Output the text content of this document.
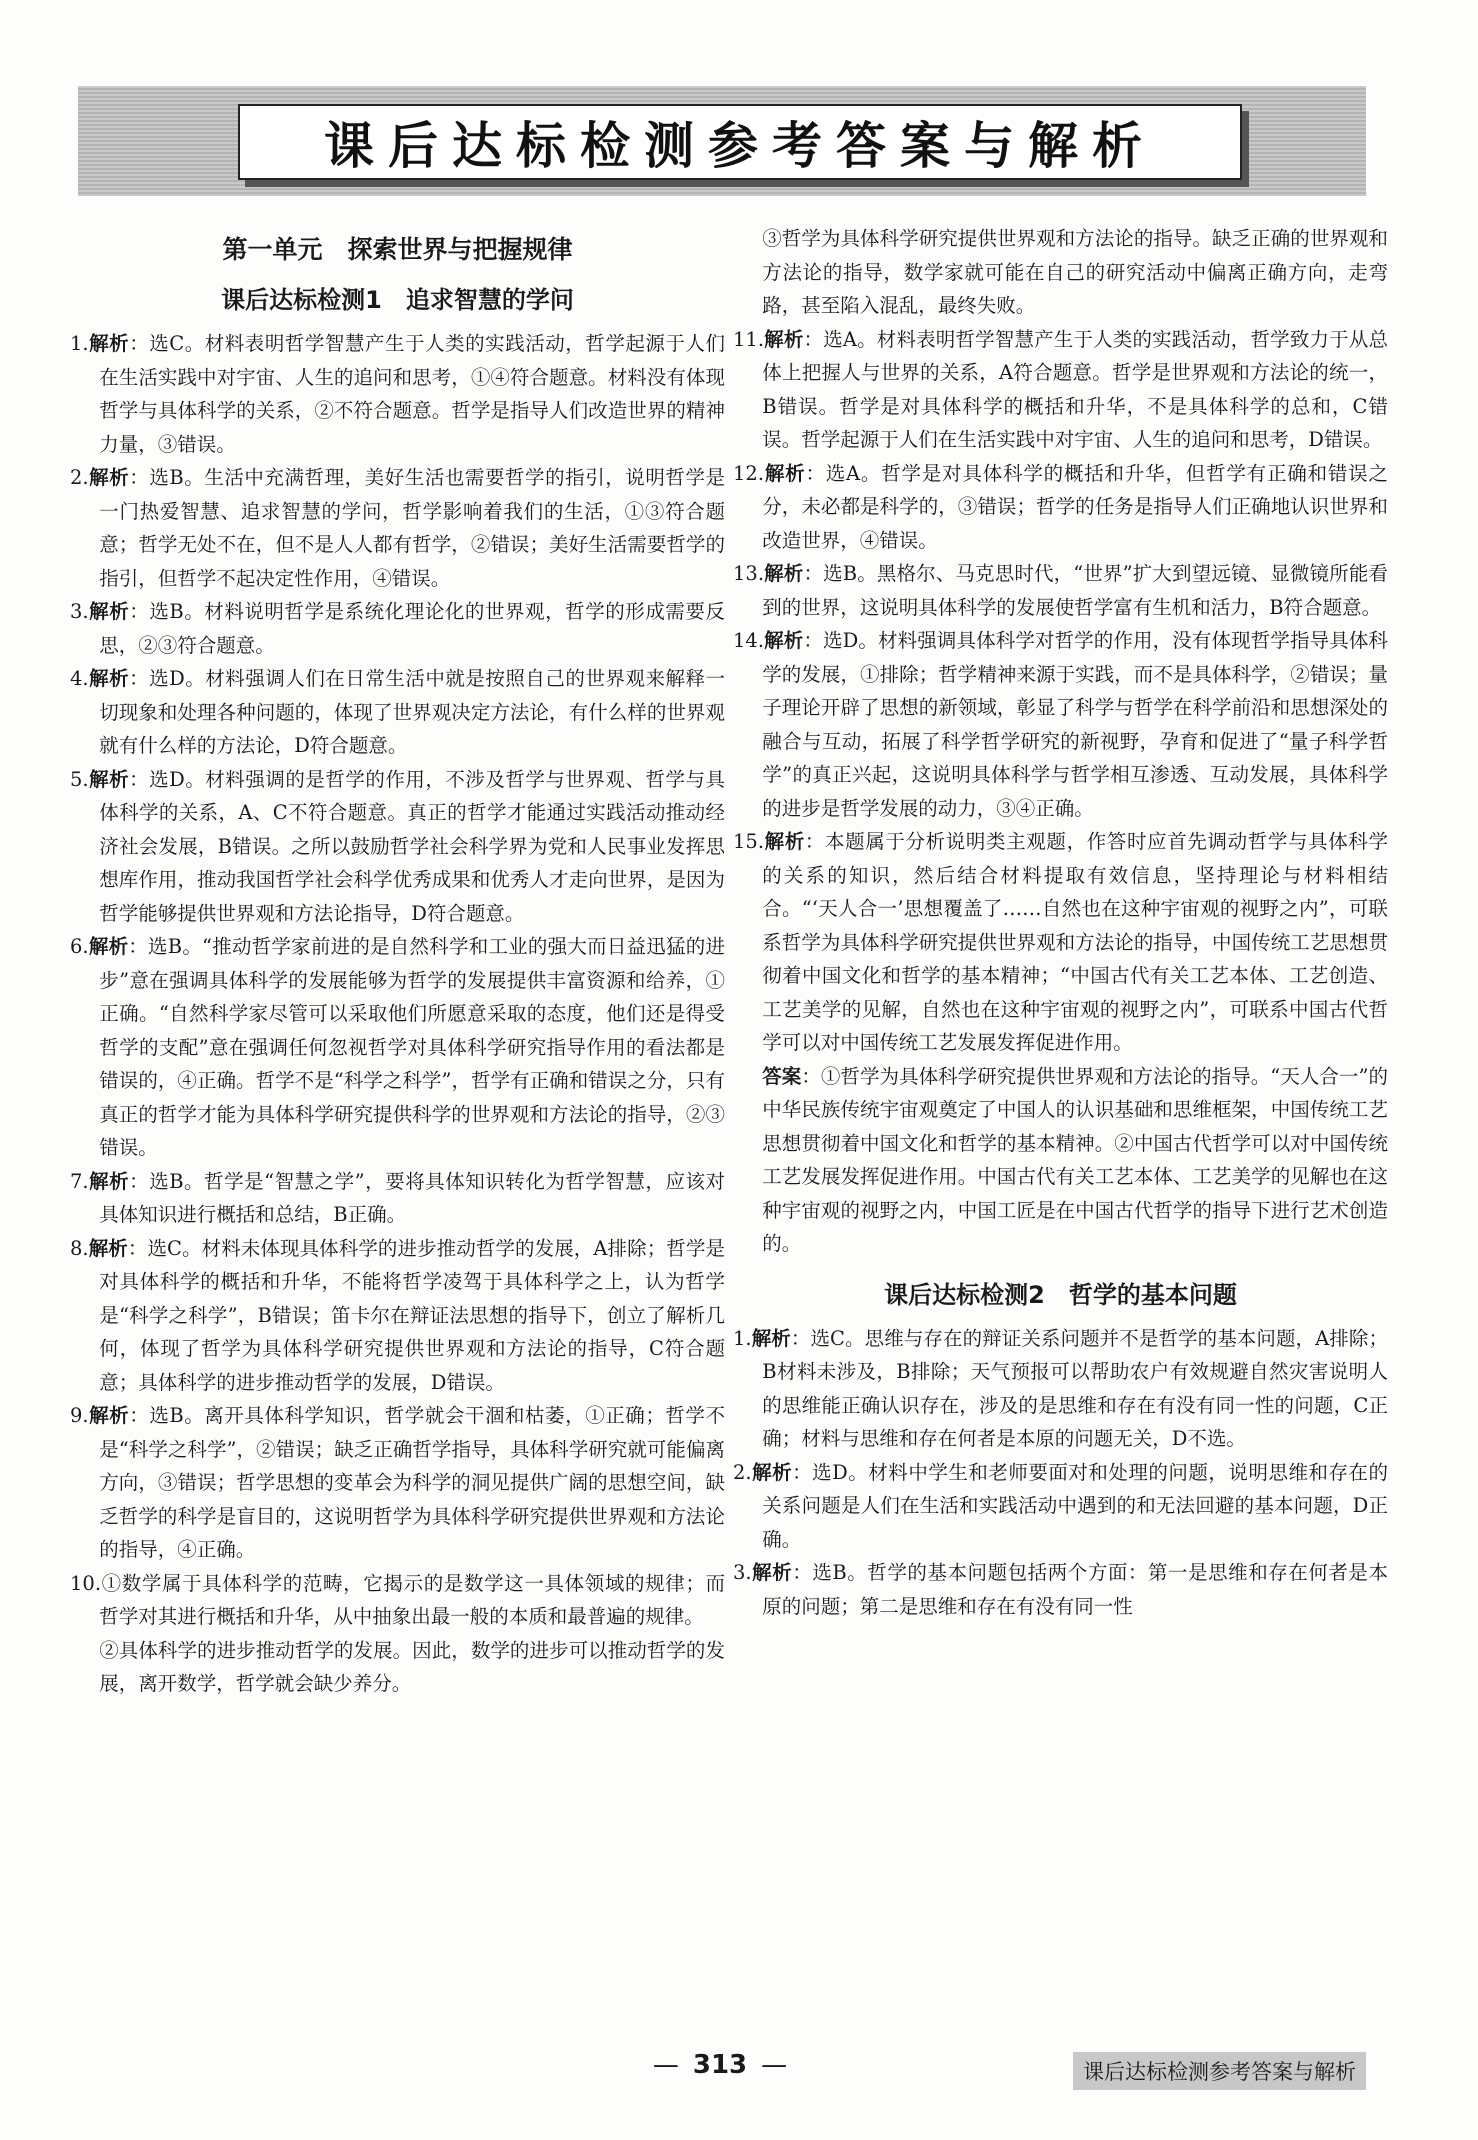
课后达标检测参考答案与解析
第一单元　探索世界与把握规律
课后达标检测1　追求智慧的学问

1.解析：选C。材料表明哲学智慧产生于人类的实践活动，哲学起源于人们在生活实践中对宇宙、人生的追问和思考，①④符合题意。材料没有体现哲学与具体科学的关系，②不符合题意。哲学是指导人们改造世界的精神力量，③错误。

2.解析：选B。生活中充满哲理，美好生活也需要哲学的指引，说明哲学是一门热爱智慧、追求智慧的学问，哲学影响着我们的生活，①③符合题意；哲学无处不在，但不是人人都有哲学，②错误；美好生活需要哲学的指引，但哲学不起决定性作用，④错误。

3.解析：选B。材料说明哲学是系统化理论化的世界观，哲学的形成需要反思，②③符合题意。

4.解析：选D。材料强调人们在日常生活中就是按照自己的世界观来解释一切现象和处理各种问题的，体现了世界观决定方法论，有什么样的世界观就有什么样的方法论，D符合题意。

5.解析：选D。材料强调的是哲学的作用，不涉及哲学与世界观、哲学与具体科学的关系，A、C不符合题意。真正的哲学才能通过实践活动推动经济社会发展，B错误。之所以鼓励哲学社会科学界为党和人民事业发挥思想库作用，推动我国哲学社会科学优秀成果和优秀人才走向世界，是因为哲学能够提供世界观和方法论指导，D符合题意。

6.解析：选B。“推动哲学家前进的是自然科学和工业的强大而日益迅猛的进步”意在强调具体科学的发展能够为哲学的发展提供丰富资源和给养，①正确。“自然科学家尽管可以采取他们所愿意采取的态度，他们还是得受哲学的支配”意在强调任何忽视哲学对具体科学研究指导作用的看法都是错误的，④正确。哲学不是“科学之科学”，哲学有正确和错误之分，只有真正的哲学才能为具体科学研究提供科学的世界观和方法论的指导，②③错误。

7.解析：选B。哲学是“智慧之学”，要将具体知识转化为哲学智慧，应该对具体知识进行概括和总结，B正确。

8.解析：选C。材料未体现具体科学的进步推动哲学的发展，A排除；哲学是对具体科学的概括和升华，不能将哲学凌驾于具体科学之上，认为哲学是“科学之科学”，B错误；笛卡尔在辩证法思想的指导下，创立了解析几何，体现了哲学为具体科学研究提供世界观和方法论的指导，C符合题意；具体科学的进步推动哲学的发展，D错误。

9.解析：选B。离开具体科学知识，哲学就会干涸和枯萎，①正确；哲学不是“科学之科学”，②错误；缺乏正确哲学指导，具体科学研究就可能偏离方向，③错误；哲学思想的变革会为科学的洞见提供广阔的思想空间，缺乏哲学的科学是盲目的，这说明哲学为具体科学研究提供世界观和方法论的指导，④正确。

10.①数学属于具体科学的范畴，它揭示的是数学这一具体领域的规律；而哲学对其进行概括和升华，从中抽象出最一般的本质和最普遍的规律。

②具体科学的进步推动哲学的发展。因此，数学的进步可以推动哲学的发展，离开数学，哲学就会缺少养分。

③哲学为具体科学研究提供世界观和方法论的指导。缺乏正确的世界观和方法论的指导，数学家就可能在自己的研究活动中偏离正确方向，走弯路，甚至陷入混乱，最终失败。

11.解析：选A。材料表明哲学智慧产生于人类的实践活动，哲学致力于从总体上把握人与世界的关系，A符合题意。哲学是世界观和方法论的统一，B错误。哲学是对具体科学的概括和升华，不是具体科学的总和，C错误。哲学起源于人们在生活实践中对宇宙、人生的追问和思考，D错误。

12.解析：选A。哲学是对具体科学的概括和升华，但哲学有正确和错误之分，未必都是科学的，③错误；哲学的任务是指导人们正确地认识世界和改造世界，④错误。

13.解析：选B。黑格尔、马克思时代，“世界”扩大到望远镜、显微镜所能看到的世界，这说明具体科学的发展使哲学富有生机和活力，B符合题意。

14.解析：选D。材料强调具体科学对哲学的作用，没有体现哲学指导具体科学的发展，①排除；哲学精神来源于实践，而不是具体科学，②错误；量子理论开辟了思想的新领域，彰显了科学与哲学在科学前沿和思想深处的融合与互动，拓展了科学哲学研究的新视野，孕育和促进了“量子科学哲学”的真正兴起，这说明具体科学与哲学相互渗透、互动发展，具体科学的进步是哲学发展的动力，③④正确。

15.解析：本题属于分析说明类主观题，作答时应首先调动哲学与具体科学的关系的知识，然后结合材料提取有效信息，坚持理论与材料相结合。“‘天人合一’思想覆盖了……自然也在这种宇宙观的视野之内”，可联系哲学为具体科学研究提供世界观和方法论的指导，中国传统工艺思想贯彻着中国文化和哲学的基本精神；“中国古代有关工艺本体、工艺创造、工艺美学的见解，自然也在这种宇宙观的视野之内”，可联系中国古代哲学可以对中国传统工艺发展发挥促进作用。

答案：①哲学为具体科学研究提供世界观和方法论的指导。“天人合一”的中华民族传统宇宙观奠定了中国人的认识基础和思维框架，中国传统工艺思想贯彻着中国文化和哲学的基本精神。②中国古代哲学可以对中国传统工艺发展发挥促进作用。中国古代有关工艺本体、工艺美学的见解也在这种宇宙观的视野之内，中国工匠是在中国古代哲学的指导下进行艺术创造的。

课后达标检测2　哲学的基本问题

1.解析：选C。思维与存在的辩证关系问题并不是哲学的基本问题，A排除；B材料未涉及，B排除；天气预报可以帮助农户有效规避自然灾害说明人的思维能正确认识存在，涉及的是思维和存在有没有同一性的问题，C正确；材料与思维和存在何者是本原的问题无关，D不选。

2.解析：选D。材料中学生和老师要面对和处理的问题，说明思维和存在的关系问题是人们在生活和实践活动中遇到的和无法回避的基本问题，D正确。

3.解析：选B。哲学的基本问题包括两个方面：第一是思维和存在何者是本原的问题；第二是思维和存在有没有同一性

— 313 —	课后达标检测参考答案与解析
